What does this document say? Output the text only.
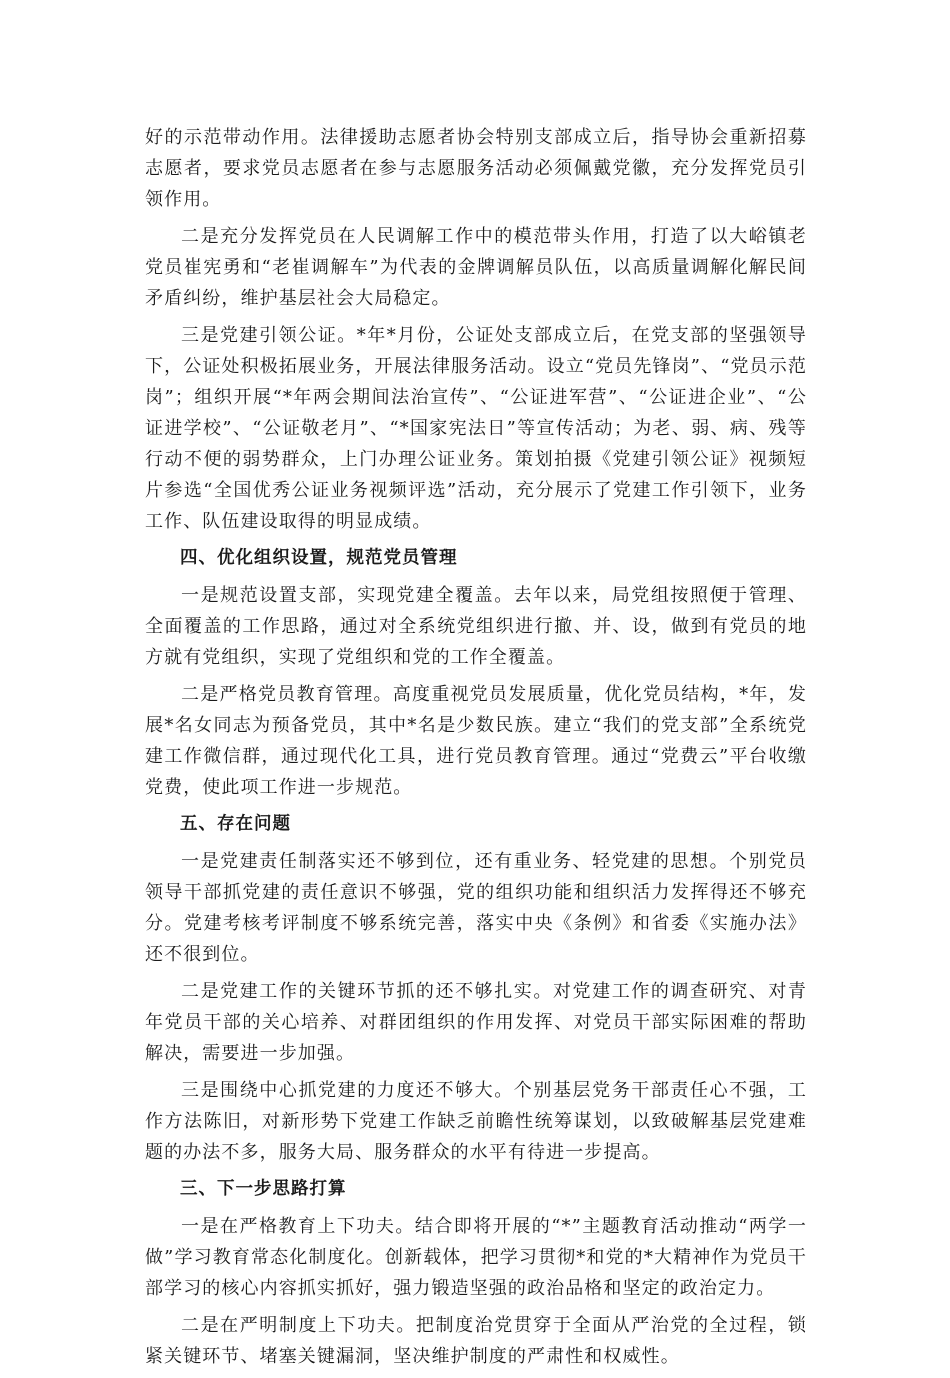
好的示范带动作用。法律援助志愿者协会特别支部成立后，指导协会重新招募志愿者，要求党员志愿者在参与志愿服务活动必须佩戴党徽，充分发挥党员引领作用。

二是充分发挥党员在人民调解工作中的模范带头作用，打造了以大峪镇老党员崔宪勇和“老崔调解车”为代表的金牌调解员队伍，以高质量调解化解民间矛盾纠纷，维护基层社会大局稳定。

三是党建引领公证。*年*月份，公证处支部成立后，在党支部的坚强领导下，公证处积极拓展业务，开展法律服务活动。设立“党员先锋岗”、“党员示范岗”；组织开展“*年两会期间法治宣传”、“公证进军营”、“公证进企业”、“公证进学校”、“公证敬老月”、“*国家宪法日”等宣传活动；为老、弱、病、残等行动不便的弱势群众，上门办理公证业务。策划拍摄《党建引领公证》视频短片参选“全国优秀公证业务视频评选”活动，充分展示了党建工作引领下，业务工作、队伍建设取得的明显成绩。

四、优化组织设置，规范党员管理

一是规范设置支部，实现党建全覆盖。去年以来，局党组按照便于管理、全面覆盖的工作思路，通过对全系统党组织进行撤、并、设，做到有党员的地方就有党组织，实现了党组织和党的工作全覆盖。

二是严格党员教育管理。高度重视党员发展质量，优化党员结构，*年，发展*名女同志为预备党员，其中*名是少数民族。建立“我们的党支部”全系统党建工作微信群，通过现代化工具，进行党员教育管理。通过“党费云”平台收缴党费，使此项工作进一步规范。

五、存在问题

一是党建责任制落实还不够到位，还有重业务、轻党建的思想。个别党员领导干部抓党建的责任意识不够强，党的组织功能和组织活力发挥得还不够充分。党建考核考评制度不够系统完善，落实中央《条例》和省委《实施办法》还不很到位。

二是党建工作的关键环节抓的还不够扎实。对党建工作的调查研究、对青年党员干部的关心培养、对群团组织的作用发挥、对党员干部实际困难的帮助解决，需要进一步加强。

三是围绕中心抓党建的力度还不够大。个别基层党务干部责任心不强，工作方法陈旧，对新形势下党建工作缺乏前瞻性统筹谋划，以致破解基层党建难题的办法不多，服务大局、服务群众的水平有待进一步提高。

三、下一步思路打算

一是在严格教育上下功夫。结合即将开展的“*”主题教育活动推动“两学一做”学习教育常态化制度化。创新载体，把学习贯彻*和党的*大精神作为党员干部学习的核心内容抓实抓好，强力锻造坚强的政治品格和坚定的政治定力。

二是在严明制度上下功夫。把制度治党贯穿于全面从严治党的全过程，锁紧关键环节、堵塞关键漏洞，坚决维护制度的严肃性和权威性。
